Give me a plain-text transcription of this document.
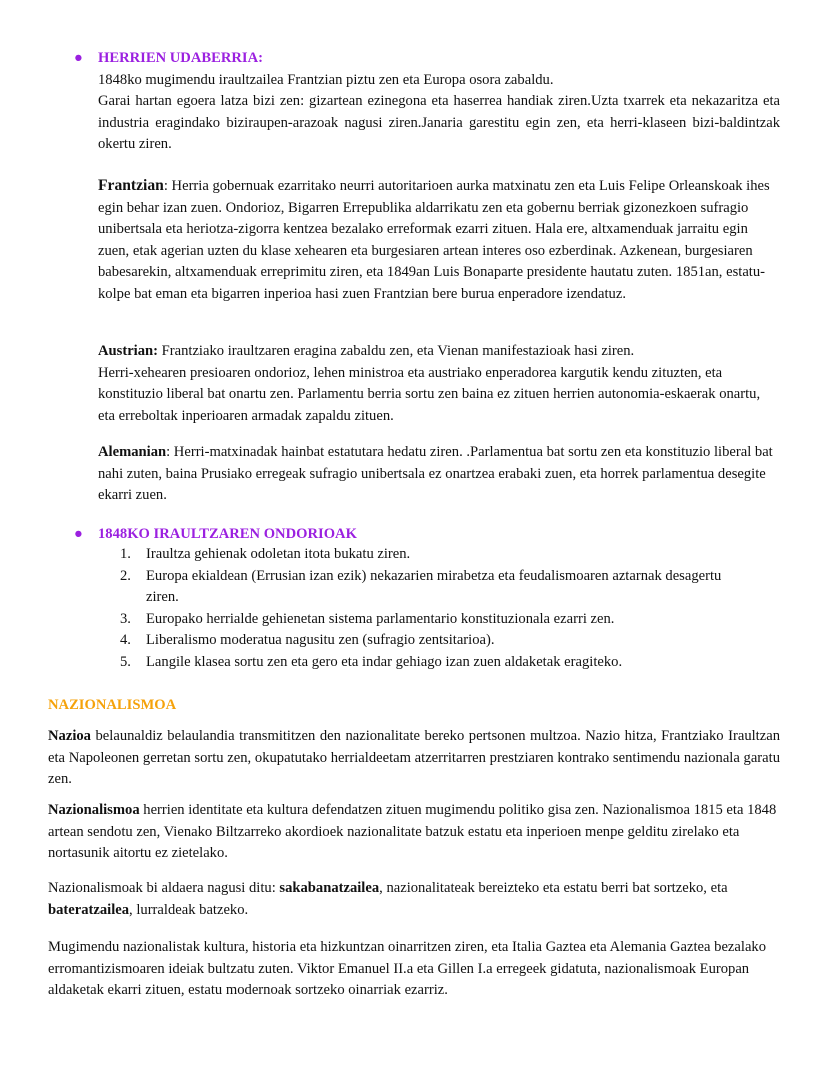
● HERRIEN UDABERRIA:

1848ko mugimendu iraultzailea Frantzian piztu zen eta Europa osora zabaldu.

Garai hartan egoera latza bizi zen: gizartean ezinegona eta haserrea handiak ziren.Uzta txarrek eta nekazaritza eta industria eragindako biziraupen-arazoak nagusi ziren.Janaria garestitu egin zen, eta herri-klaseen bizi-baldintzak okertu ziren.

Frantzian: Herria gobernuak ezarritako neurri autoritarioen aurka matxinatu zen eta Luis Felipe Orleanskoak ihes egin behar izan zuen. Ondorioz, Bigarren Errepublika aldarrikatu zen eta gobernu berriak gizonezkoen sufragio unibertsala eta heriotza-zigorra kentzea bezalako erreformak ezarri zituen. Hala ere, altxamenduak jarraitu egin zuen, etak agerian uzten du klase xehearen eta burgesiaren artean interes oso ezberdinak. Azkenean, burgesiaren babesarekin, altxamenduak erreprimitu ziren, eta 1849an Luis Bonaparte presidente hautatu zuten. 1851an, estatu-kolpe bat eman eta bigarren inperioa hasi zuen Frantzian bere burua enperadore izendatuz.

Austrian: Frantziako iraultzaren eragina zabaldu zen, eta Vienan manifestazioak hasi ziren.
Herri-xehearen presioaren ondorioz, lehen ministroa eta austriako enperadorea kargutik kendu zituzten, eta konstituzio liberal bat onartu zen. Parlamentu berria sortu zen baina ez zituen herrien autonomia-eskaerak onartu, eta erreboltak inperioaren armadak zapaldu zituen.

Alemanian: Herri-matxinadak hainbat estatutara hedatu ziren. .Parlamentua bat sortu zen eta konstituzio liberal bat nahi zuten, baina Prusiako erregeak sufragio unibertsala ez onartzea erabaki zuen, eta horrek parlamentua desegite ekarri zuen.

● 1848KO IRAULTZAREN ONDORIOAK
1. Iraultza gehienak odoletan itota bukatu ziren.
2. Europa ekialdean (Errusian izan ezik) nekazarien mirabetza eta feudalismoaren aztarnak desagertu ziren.
3. Europako herrialde gehienetan sistema parlamentario konstituzionala ezarri zen.
4. Liberalismo moderatua nagusitu zen (sufragio zentsitarioa).
5. Langile klasea sortu zen eta gero eta indar gehiago izan zuen aldaketak eragiteko.
NAZIONALISMOA

Nazioa belaunaldiz belaulandia transmititzen den nazionalitate bereko pertsonen multzoa. Nazio hitza, Frantziako Iraultzan eta Napoleonen gerretan sortu zen, okupatutako herrialdeetam atzerritarren prestziaren kontrako sentimendu nazionala garatu zen.

Nazionalismoa herrien identitate eta kultura defendatzen zituen mugimendu politiko gisa zen. Nazionalismoa 1815 eta 1848 artean sendotu zen, Vienako Biltzarreko akordioek nazionalitate batzuk estatu eta inperioen menpe gelditu zirelako eta nortasunik aitortu ez zietelako.

Nazionalismoak bi aldaera nagusi ditu: sakabanatzailea, nazionalitateak bereizteko eta estatu berri bat sortzeko, eta bateratzailea, lurraldeak batzeko.

Mugimendu nazionalistak kultura, historia eta hizkuntzan oinarritzen ziren, eta Italia Gaztea eta Alemania Gaztea bezalako erromantizismoaren ideiak bultzatu zuten. Viktor Emanuel II.a eta Gillen I.a erregeek gidatuta, nazionalismoak Europan aldaketak ekarri zituen, estatu modernoak sortzeko oinarriak ezarriz.
